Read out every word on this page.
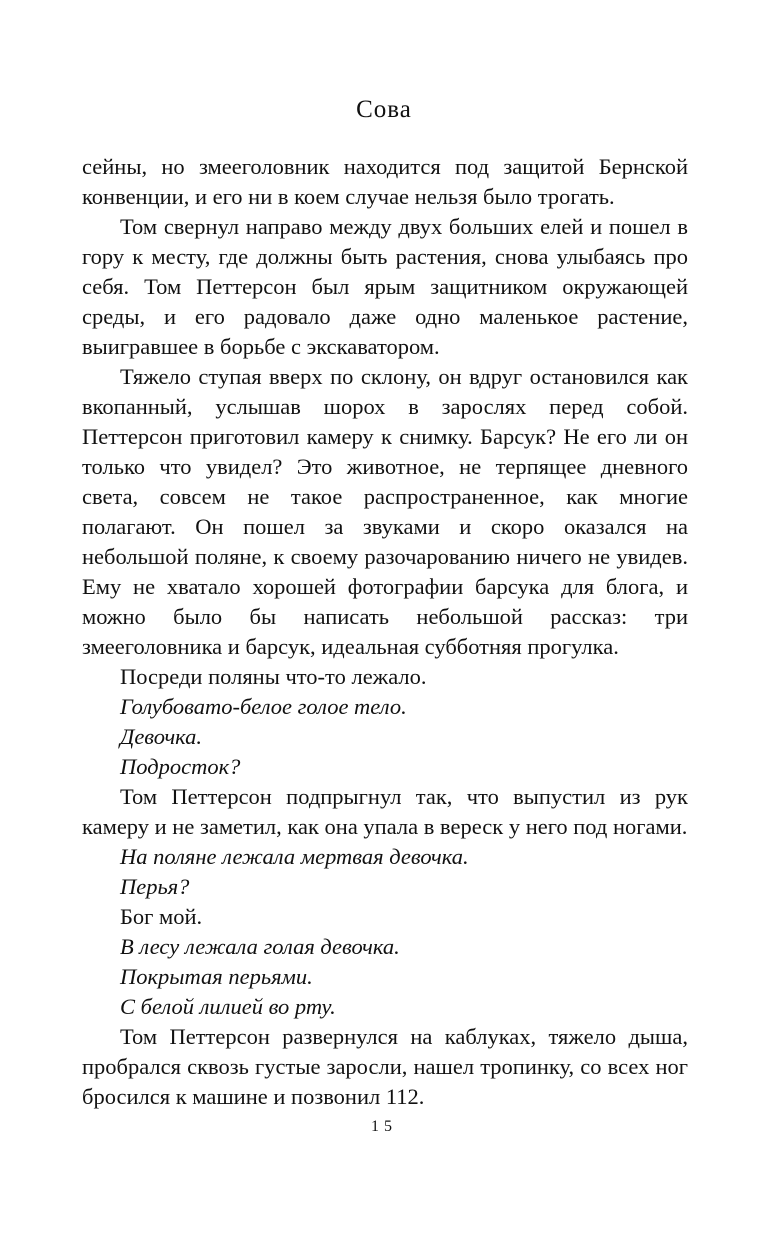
Сова

сейны, но змееголовник находится под защитой Бернской конвенции, и его ни в коем случае нельзя было трогать.

Том свернул направо между двух больших елей и пошел в гору к месту, где должны быть растения, снова улыбаясь про себя. Том Петтерсон был ярым защитником окружающей среды, и его радовало даже одно маленькое растение, выигравшее в борьбе с экскаватором.

Тяжело ступая вверх по склону, он вдруг остановился как вкопанный, услышав шорох в зарослях перед собой. Петтерсон приготовил камеру к снимку. Барсук? Не его ли он только что увидел? Это животное, не терпящее дневного света, совсем не такое распространенное, как многие полагают. Он пошел за звуками и скоро оказался на небольшой поляне, к своему разочарованию ничего не увидев. Ему не хватало хорошей фотографии барсука для блога, и можно было бы написать небольшой рассказ: три змееголовника и барсук, идеальная субботняя прогулка.

Посреди поляны что-то лежало.

Голубовато-белое голое тело.

Девочка.

Подросток?

Том Петтерсон подпрыгнул так, что выпустил из рук камеру и не заметил, как она упала в вереск у него под ногами.

На поляне лежала мертвая девочка.

Перья?

Бог мой.

В лесу лежала голая девочка.

Покрытая перьями.

С белой лилией во рту.

Том Петтерсон развернулся на каблуках, тяжело дыша, пробрался сквозь густые заросли, нашел тропинку, со всех ног бросился к машине и позвонил 112.

15
